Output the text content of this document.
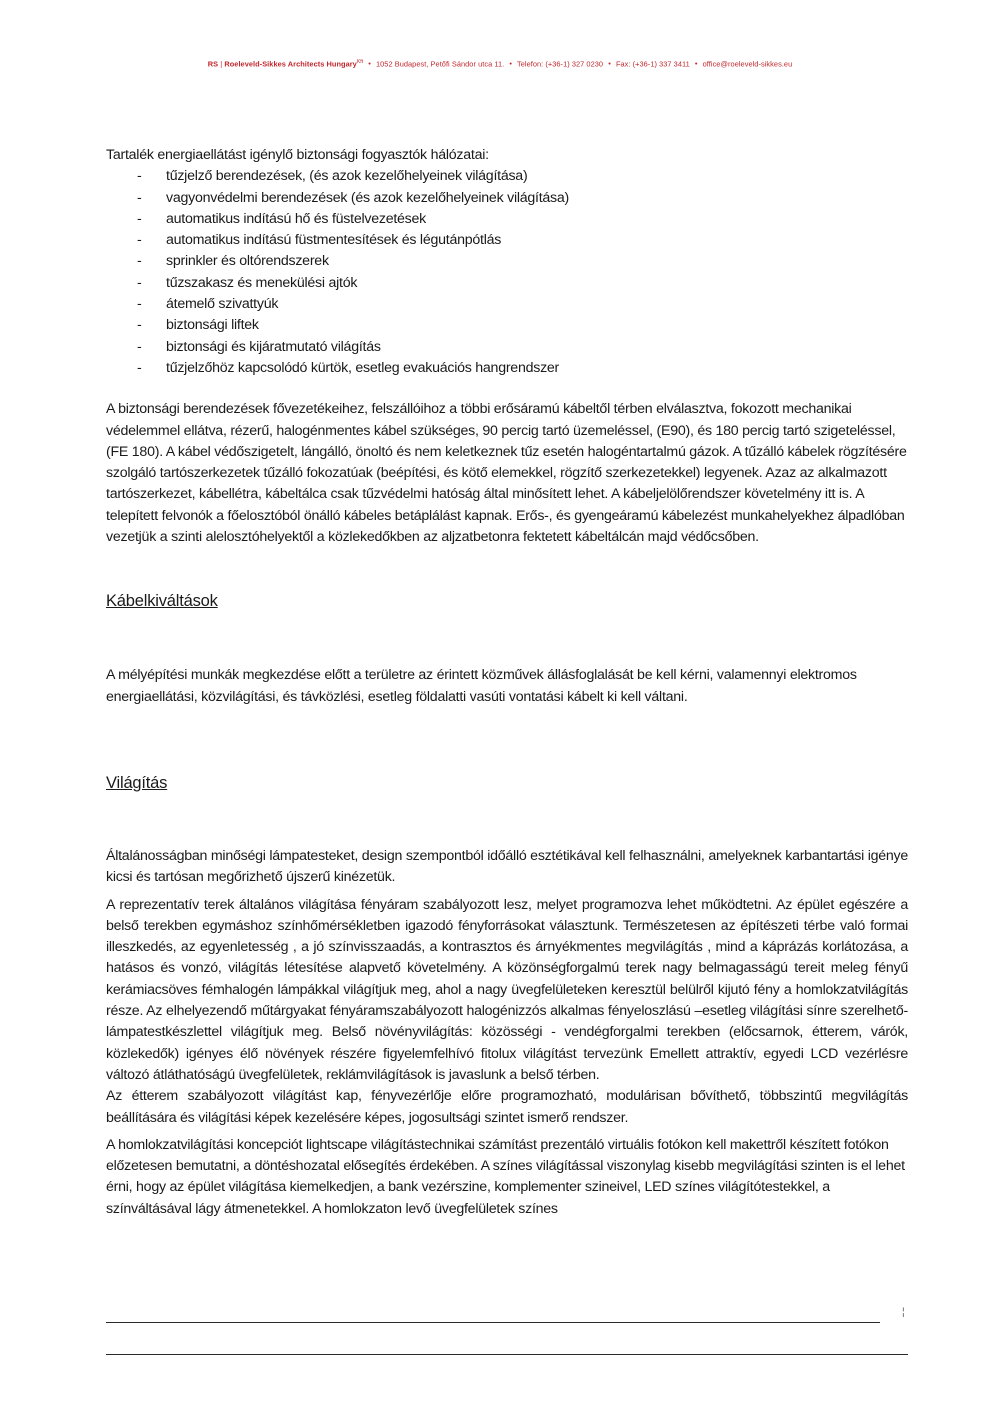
RS | Roeleveld-Sikkes Architects Hungary$^{Kft}$ • 1052 Budapest, Petőfi Sándor utca 11. • Telefon: (+36-1) 327 0230 • Fax: (+36-1) 337 3411 • office@roeleveld-sikkes.eu

Tartalék energiaellátást igénylő biztonsági fogyasztók hálózatai:

- tűzjelző berendezések, (és azok kezelőhelyeinek világítása)
- vagyonvédelmi berendezések (és azok kezelőhelyeinek világítása)
- automatikus indítású hő és füstelvezetések
- automatikus indítású füstmentesítések és légutánpótlás
- sprinkler és oltórendszerek
- tűzszakasz és menekülési ajtók
- átemelő szivattyúk
- biztonsági liftek
- biztonsági és kijáratmutató világítás
- tűzjelzőhöz kapcsolódó kürtök, esetleg evakuációs hangrendszer

A biztonsági berendezések fővezetékeihez, felszállóihoz a többi erősáramú kábeltől térben elválasztva, fokozott mechanikai védelemmel ellátva, rézerű, halogénmentes kábel szükséges, 90 percig tartó üzemeléssel, (E90), és 180 percig tartó szigeteléssel, (FE 180). A kábel védőszigetelt, lángálló, önoltó és nem keletkeznek tűz esetén halogéntartalmú gázok. A tűzálló kábelek rögzítésére szolgáló tartószerkezetek tűzálló fokozatúak (beépítési, és kötő elemekkel, rögzítő szerkezetekkel) legyenek. Azaz az alkalmazott tartószerkezet, kábellétra, kábeltálca csak tűzvédelmi hatóság által minősített lehet. A kábeljelölőrendszer követelmény itt is. A telepített felvonók a főelosztóból önálló kábeles betáplálást kapnak. Erős-, és gyengeáramú kábelezést munkahelyekhez álpadlóban vezetjük a szinti alelosztóhelyektől a közlekedőkben az aljzatbetonra fektetett kábeltálcán majd védőcsőben.

Kábelkiváltások

A mélyépítési munkák megkezdése előtt a területre az érintett közművek állásfoglalását be kell kérni, valamennyi elektromos energiaellátási, közvilágítási, és távközlési, esetleg földalatti vasúti vontatási kábelt ki kell váltani.

Világítás

Általánosságban minőségi lámpatesteket, design szempontból időálló esztétikával kell felhasználni, amelyeknek karbantartási igénye kicsi és tartósan megőrizhető újszerű kinézetük.

A reprezentatív terek általános világítása fényáram szabályozott lesz, melyet programozva lehet működtetni. Az épület egészére a belső terekben egymáshoz színhőmérsékletben igazodó fényforrásokat választunk. Természetesen az építészeti térbe való formai illeszkedés, az egyenletesség , a jó színvisszaadás, a kontrasztos és árnyékmentes megvilágítás , mind a káprázás korlátozása, a hatásos és vonzó, világítás létesítése alapvető követelmény. A közönségforgalmú terek nagy belmagasságú tereit meleg fényű kerámiacsöves fémhalogén lámpákkal világítjuk meg, ahol a nagy üvegfelületeken keresztül belülről kijutó fény a homlokzatvilágítás része. Az elhelyezendő műtárgyakat fényáramszabályozott halogénizzós alkalmas fényeloszlású –esetleg világítási sínre szerelhető- lámpatestkészlettel világítjuk meg. Belső növényvilágítás: közösségi - vendégforgalmi terekben (előcsarnok, étterem, várók, közlekedők) igényes élő növények részére figyelemfelhívó fitolux világítást tervezünk Emellett attraktív, egyedi LCD vezérlésre változó átláthatóságú üvegfelületek, reklámvilágítások is javaslunk a belső térben.

Az étterem szabályozott világítást kap, fényvezérlője előre programozható, modulárisan bővíthető, többszintű megvilágítás beállítására és világítási képek kezelésére képes, jogosultsági szintet ismerő rendszer.

A homlokzatvilágítási koncepciót lightscape világítástechnikai számítást prezentáló virtuális fotókon kell makettről készített fotókon előzetesen bemutatni, a döntéshozatal elősegítés érdekében. A színes világítással viszonylag kisebb megvilágítási szinten is el lehet érni, hogy az épület világítása kiemelkedjen, a bank vezérszine, komplementer szineivel, LED színes világítótestekkel, a színváltásával lágy átmenetekkel. A homlokzaton levő üvegfelületek színes

¦
